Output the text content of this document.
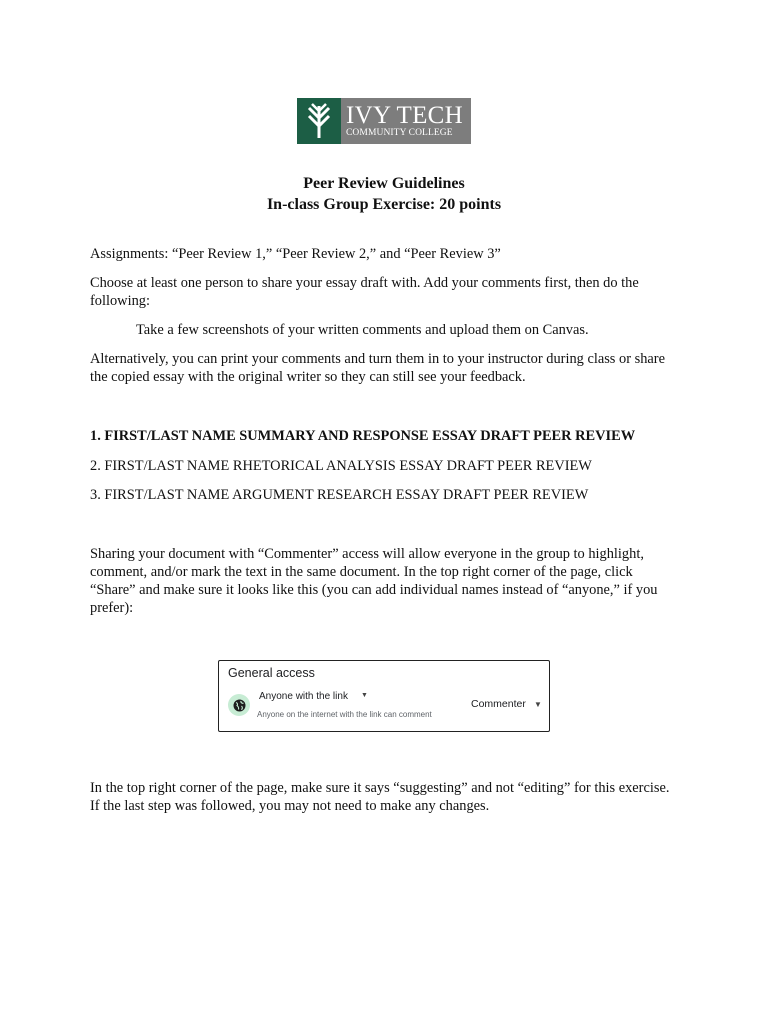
IVY TECH
COMMUNITY COLLEGE
Peer Review Guidelines
In-class Group Exercise: 20 points
Assignments: “Peer Review 1,” “Peer Review 2,” and “Peer Review 3”
Choose at least one person to share your essay draft with. Add your comments first, then do the following:
Take a few screenshots of your written comments and upload them on Canvas.
Alternatively, you can print your comments and turn them in to your instructor during class or share the copied essay with the original writer so they can still see your feedback.
1. FIRST/LAST NAME SUMMARY AND RESPONSE ESSAY DRAFT PEER REVIEW
2. FIRST/LAST NAME RHETORICAL ANALYSIS ESSAY DRAFT PEER REVIEW
3. FIRST/LAST NAME ARGUMENT RESEARCH ESSAY DRAFT PEER REVIEW
Sharing your document with “Commenter” access will allow everyone in the group to highlight, comment, and/or mark the text in the same document. In the top right corner of the page, click “Share” and make sure it looks like this (you can add individual names instead of “anyone,” if you prefer):
General access
Anyone with the link ▼
Anyone on the internet with the link can comment
Commenter ▼
In the top right corner of the page, make sure it says “suggesting” and not “editing” for this exercise. If the last step was followed, you may not need to make any changes.
